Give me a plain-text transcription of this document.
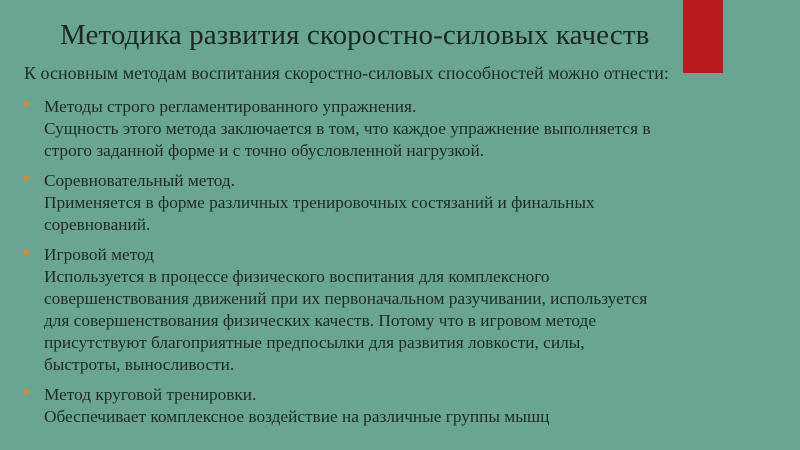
Методика развития скоростно-силовых качеств
К основным методам воспитания скоростно-силовых способностей можно отнести:
Методы строго регламентированного упражнения.
Сущность этого метода заключается в том, что каждое упражнение выполняется в
строго заданной форме и с точно обусловленной нагрузкой.
Соревновательный метод.
Применяется в форме различных тренировочных состязаний и финальных
соревнований.
Игровой метод
Используется в процессе физического воспитания для комплексного
совершенствования движений при их первоначальном разучивании, используется
для совершенствования физических качеств. Потому что в игровом методе
присутствуют благоприятные предпосылки для развития ловкости, силы,
быстроты, выносливости.
Метод круговой тренировки.
Обеспечивает комплексное воздействие на различные группы мышц
